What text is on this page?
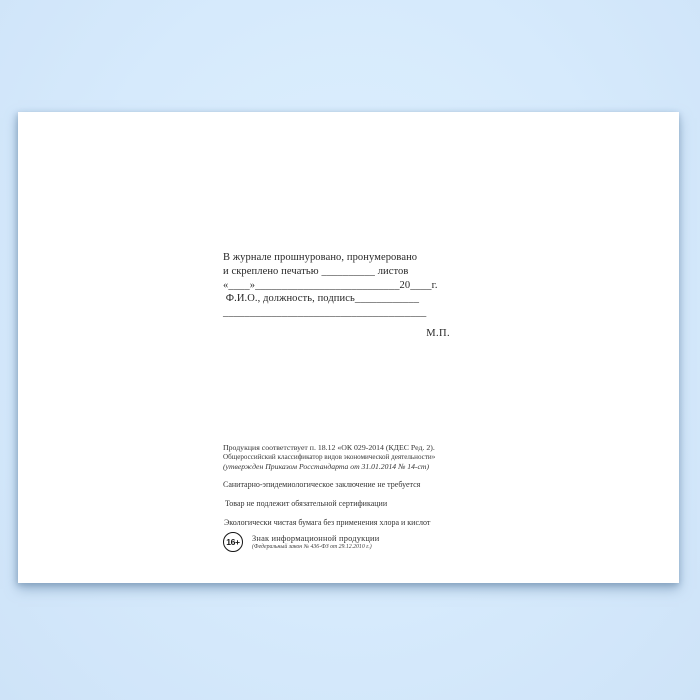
В журнале прошнуровано, пронумеровано
и скреплено печатью __________ листов
«____»___________________________20____г.
Ф.И.О., должность, подпись____________
______________________________________
М.П.
Продукция соответствует п. 18.12 «ОК 029-2014 (КДЕС Ред. 2).
Общероссийский классификатор видов экономической деятельности»
(утвержден Приказом Росстандарта от 31.01.2014 № 14-ст)
Санитарно-эпидемиологическое заключение не требуется
Товар не подлежит обязательной сертификации
Экологически чистая бумага без применения хлора и кислот
16+	Знак информационной продукции
(Федеральный закон № 436-ФЗ от 29.12.2010 г.)
